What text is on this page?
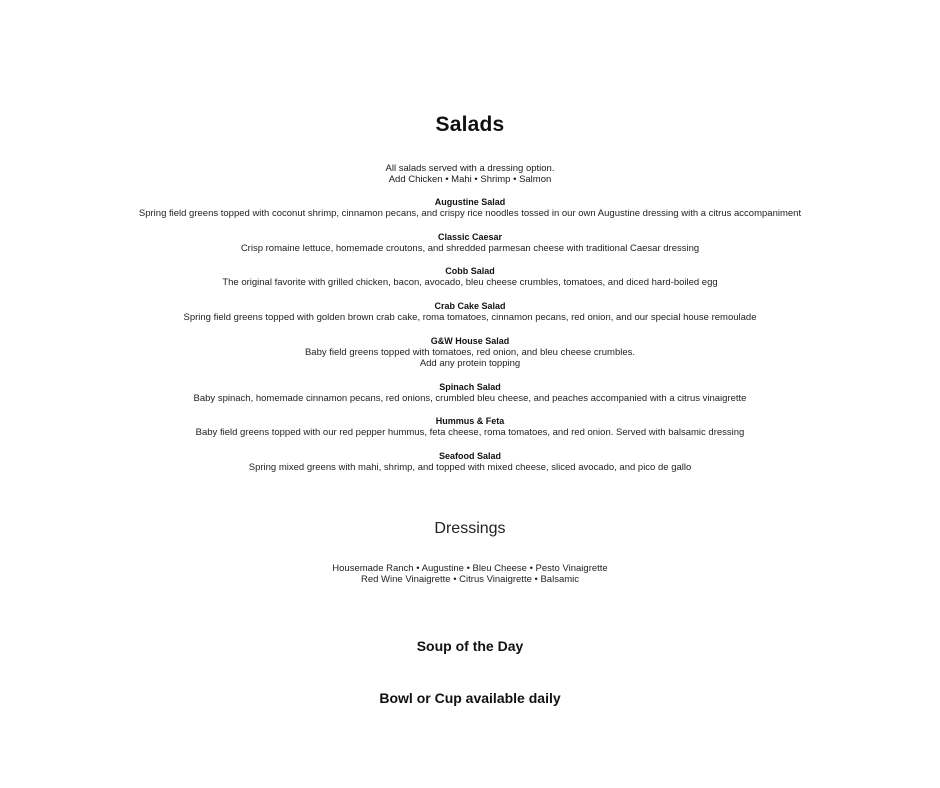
Salads
All salads served with a dressing option.
Add Chicken • Mahi • Shrimp • Salmon
Augustine Salad
Spring field greens topped with coconut shrimp, cinnamon pecans, and crispy rice noodles tossed in our own Augustine dressing with a citrus accompaniment
Classic Caesar
Crisp romaine lettuce, homemade croutons, and shredded parmesan cheese with traditional Caesar dressing
Cobb Salad
The original favorite with grilled chicken, bacon, avocado, bleu cheese crumbles, tomatoes, and diced hard-boiled egg
Crab Cake Salad
Spring field greens topped with golden brown crab cake, roma tomatoes, cinnamon pecans, red onion, and our special house remoulade
G&W House Salad
Baby field greens topped with tomatoes, red onion, and bleu cheese crumbles.
Add any protein topping
Spinach Salad
Baby spinach, homemade cinnamon pecans, red onions, crumbled bleu cheese, and peaches accompanied with a citrus vinaigrette
Hummus & Feta
Baby field greens topped with our red pepper hummus, feta cheese, roma tomatoes, and red onion. Served with balsamic dressing
Seafood Salad
Spring mixed greens with mahi, shrimp, and topped with mixed cheese, sliced avocado, and pico de gallo
Dressings
Housemade Ranch • Augustine • Bleu Cheese • Pesto Vinaigrette
Red Wine Vinaigrette • Citrus Vinaigrette • Balsamic
Soup of the Day
Bowl or Cup available daily
